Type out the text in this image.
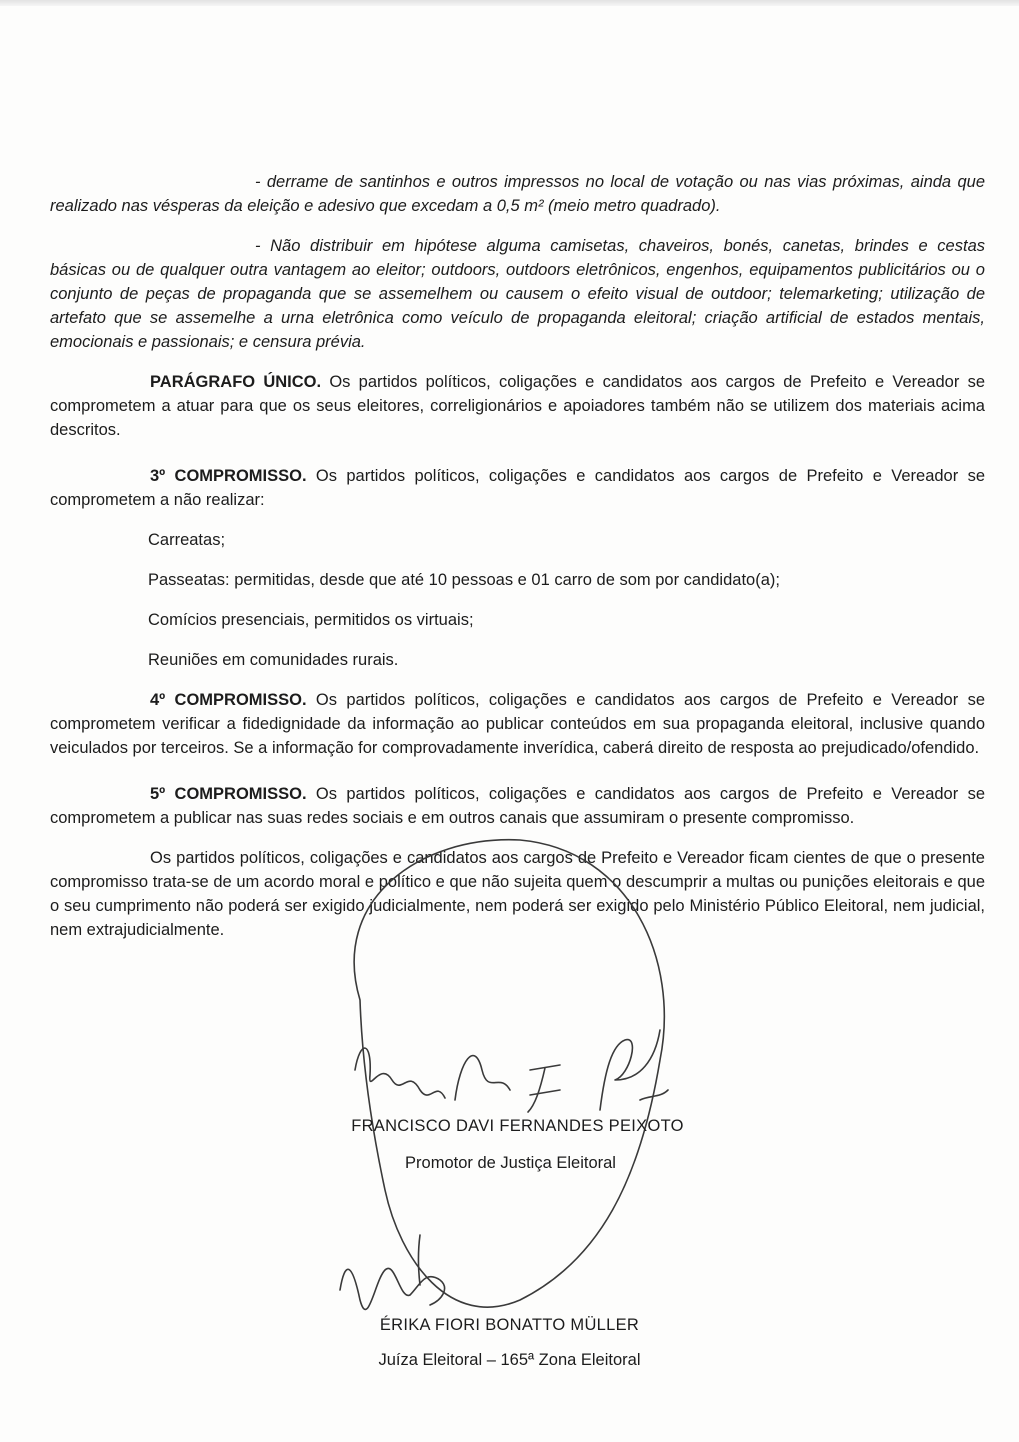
- derrame de santinhos e outros impressos no local de votação ou nas vias próximas, ainda que realizado nas vésperas da eleição e adesivo que excedam a 0,5 m² (meio metro quadrado).

- Não distribuir em hipótese alguma camisetas, chaveiros, bonés, canetas, brindes e cestas básicas ou de qualquer outra vantagem ao eleitor; outdoors, outdoors eletrônicos, engenhos, equipamentos publicitários ou o conjunto de peças de propaganda que se assemelhem ou causem o efeito visual de outdoor; telemarketing; utilização de artefato que se assemelhe a urna eletrônica como veículo de propaganda eleitoral; criação artificial de estados mentais, emocionais e passionais; e censura prévia.

PARÁGRAFO ÚNICO. Os partidos políticos, coligações e candidatos aos cargos de Prefeito e Vereador se comprometem a atuar para que os seus eleitores, correligionários e apoiadores também não se utilizem dos materiais acima descritos.

3º COMPROMISSO. Os partidos políticos, coligações e candidatos aos cargos de Prefeito e Vereador se comprometem a não realizar:

Carreatas;

Passeatas: permitidas, desde que até 10 pessoas e 01 carro de som por candidato(a);

Comícios presenciais, permitidos os virtuais;

Reuniões em comunidades rurais.

4º COMPROMISSO. Os partidos políticos, coligações e candidatos aos cargos de Prefeito e Vereador se comprometem verificar a fidedignidade da informação ao publicar conteúdos em sua propaganda eleitoral, inclusive quando veiculados por terceiros. Se a informação for comprovadamente inverídica, caberá direito de resposta ao prejudicado/ofendido.

5º COMPROMISSO. Os partidos políticos, coligações e candidatos aos cargos de Prefeito e Vereador se comprometem a publicar nas suas redes sociais e em outros canais que assumiram o presente compromisso.

Os partidos políticos, coligações e candidatos aos cargos de Prefeito e Vereador ficam cientes de que o presente compromisso trata-se de um acordo moral e político e que não sujeita quem o descumprir a multas ou punições eleitorais e que o seu cumprimento não poderá ser exigido judicialmente, nem poderá ser exigido pelo Ministério Público Eleitoral, nem judicial, nem extrajudicialmente.

FRANCISCO DAVI FERNANDES PEIXOTO
Promotor de Justiça Eleitoral
ÉRIKA FIORI BONATTO MÜLLER
Juíza Eleitoral – 165ª Zona Eleitoral
